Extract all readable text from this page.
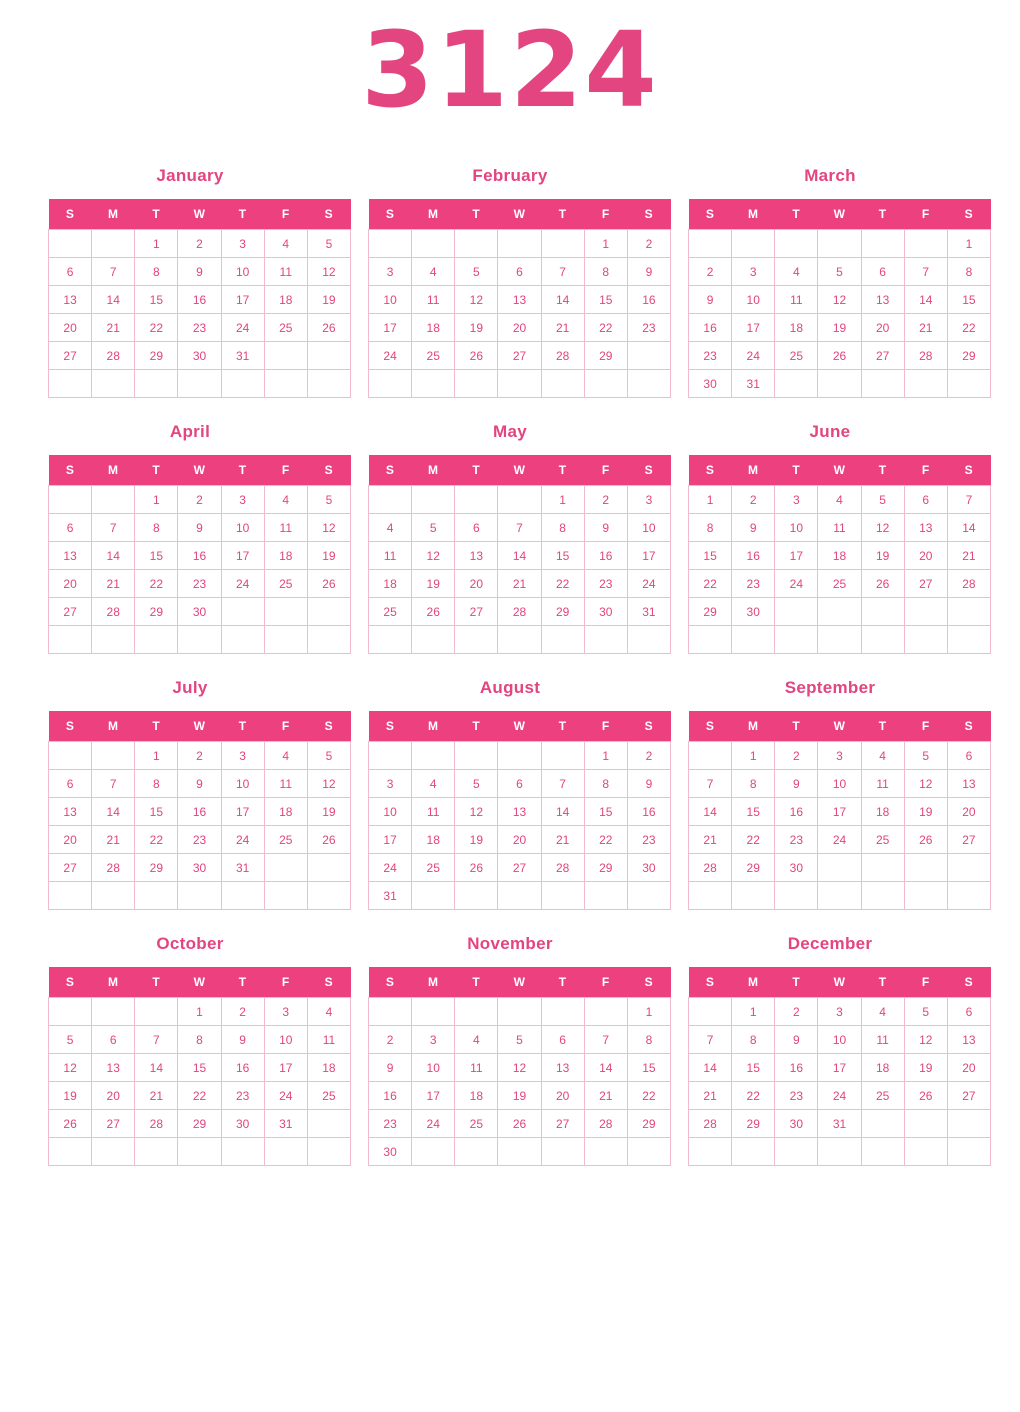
3124
January
S	M	T	W	T	F	S
		1	2	3	4	5
6	7	8	9	10	11	12
13	14	15	16	17	18	19
20	21	22	23	24	25	26
27	28	29	30	31		

February
S	M	T	W	T	F	S
					1	2
3	4	5	6	7	8	9
10	11	12	13	14	15	16
17	18	19	20	21	22	23
24	25	26	27	28	29	

March
S	M	T	W	T	F	S
						1
2	3	4	5	6	7	8
9	10	11	12	13	14	15
16	17	18	19	20	21	22
23	24	25	26	27	28	29
30	31					
April
S	M	T	W	T	F	S
		1	2	3	4	5
6	7	8	9	10	11	12
13	14	15	16	17	18	19
20	21	22	23	24	25	26
27	28	29	30			

May
S	M	T	W	T	F	S
				1	2	3
4	5	6	7	8	9	10
11	12	13	14	15	16	17
18	19	20	21	22	23	24
25	26	27	28	29	30	31

June
S	M	T	W	T	F	S
1	2	3	4	5	6	7
8	9	10	11	12	13	14
15	16	17	18	19	20	21
22	23	24	25	26	27	28
29	30					

July
S	M	T	W	T	F	S
		1	2	3	4	5
6	7	8	9	10	11	12
13	14	15	16	17	18	19
20	21	22	23	24	25	26
27	28	29	30	31		

August
S	M	T	W	T	F	S
					1	2
3	4	5	6	7	8	9
10	11	12	13	14	15	16
17	18	19	20	21	22	23
24	25	26	27	28	29	30
31						
September
S	M	T	W	T	F	S
	1	2	3	4	5	6
7	8	9	10	11	12	13
14	15	16	17	18	19	20
21	22	23	24	25	26	27
28	29	30				

October
S	M	T	W	T	F	S
			1	2	3	4
5	6	7	8	9	10	11
12	13	14	15	16	17	18
19	20	21	22	23	24	25
26	27	28	29	30	31	

November
S	M	T	W	T	F	S
						1
2	3	4	5	6	7	8
9	10	11	12	13	14	15
16	17	18	19	20	21	22
23	24	25	26	27	28	29
30						
December
S	M	T	W	T	F	S
	1	2	3	4	5	6
7	8	9	10	11	12	13
14	15	16	17	18	19	20
21	22	23	24	25	26	27
28	29	30	31			
